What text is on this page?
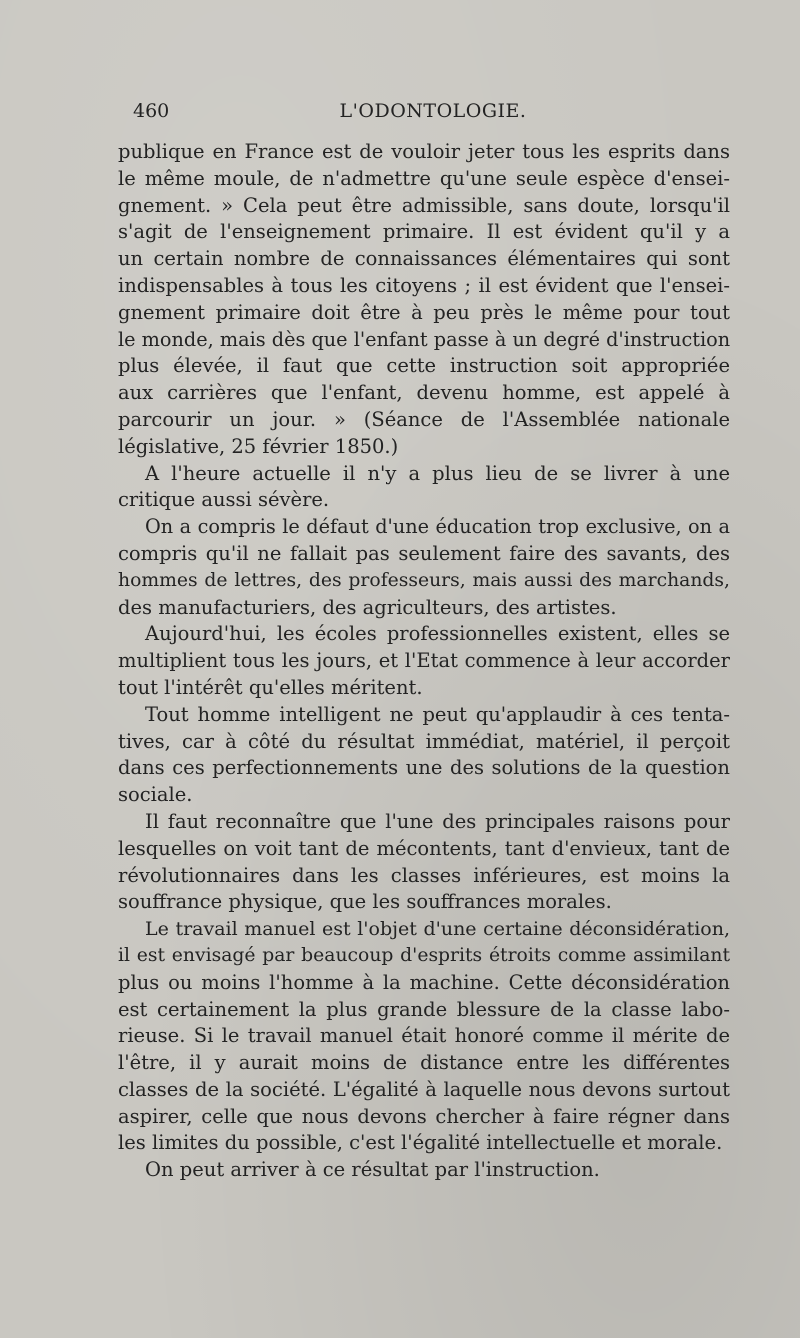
460	L'ODONTOLOGIE.
publique en France est de vouloir jeter tous les esprits dans
le même moule, de n'admettre qu'une seule espèce d'ensei-
gnement. » Cela peut être admissible, sans doute, lorsqu'il
s'agit de l'enseignement primaire. Il est évident qu'il y a
un certain nombre de connaissances élémentaires qui sont
indispensables à tous les citoyens ; il est évident que l'ensei-
gnement primaire doit être à peu près le même pour tout
le monde, mais dès que l'enfant passe à un degré d'instruction
plus élevée, il faut que cette instruction soit appropriée
aux carrières que l'enfant, devenu homme, est appelé à
parcourir un jour. » (Séance de l'Assemblée nationale
législative, 25 février 1850.)
A l'heure actuelle il n'y a plus lieu de se livrer à une
critique aussi sévère.
On a compris le défaut d'une éducation trop exclusive, on a
compris qu'il ne fallait pas seulement faire des savants, des
hommes de lettres, des professeurs, mais aussi des marchands,
des manufacturiers, des agriculteurs, des artistes.
Aujourd'hui, les écoles professionnelles existent, elles se
multiplient tous les jours, et l'Etat commence à leur accorder
tout l'intérêt qu'elles méritent.
Tout homme intelligent ne peut qu'applaudir à ces tenta-
tives, car à côté du résultat immédiat, matériel, il perçoit
dans ces perfectionnements une des solutions de la question
sociale.
Il faut reconnaître que l'une des principales raisons pour
lesquelles on voit tant de mécontents, tant d'envieux, tant de
révolutionnaires dans les classes inférieures, est moins la
souffrance physique, que les souffrances morales.
Le travail manuel est l'objet d'une certaine déconsidération,
il est envisagé par beaucoup d'esprits étroits comme assimilant
plus ou moins l'homme à la machine. Cette déconsidération
est certainement la plus grande blessure de la classe labo-
rieuse. Si le travail manuel était honoré comme il mérite de
l'être, il y aurait moins de distance entre les différentes
classes de la société. L'égalité à laquelle nous devons surtout
aspirer, celle que nous devons chercher à faire régner dans
les limites du possible, c'est l'égalité intellectuelle et morale.
On peut arriver à ce résultat par l'instruction.
